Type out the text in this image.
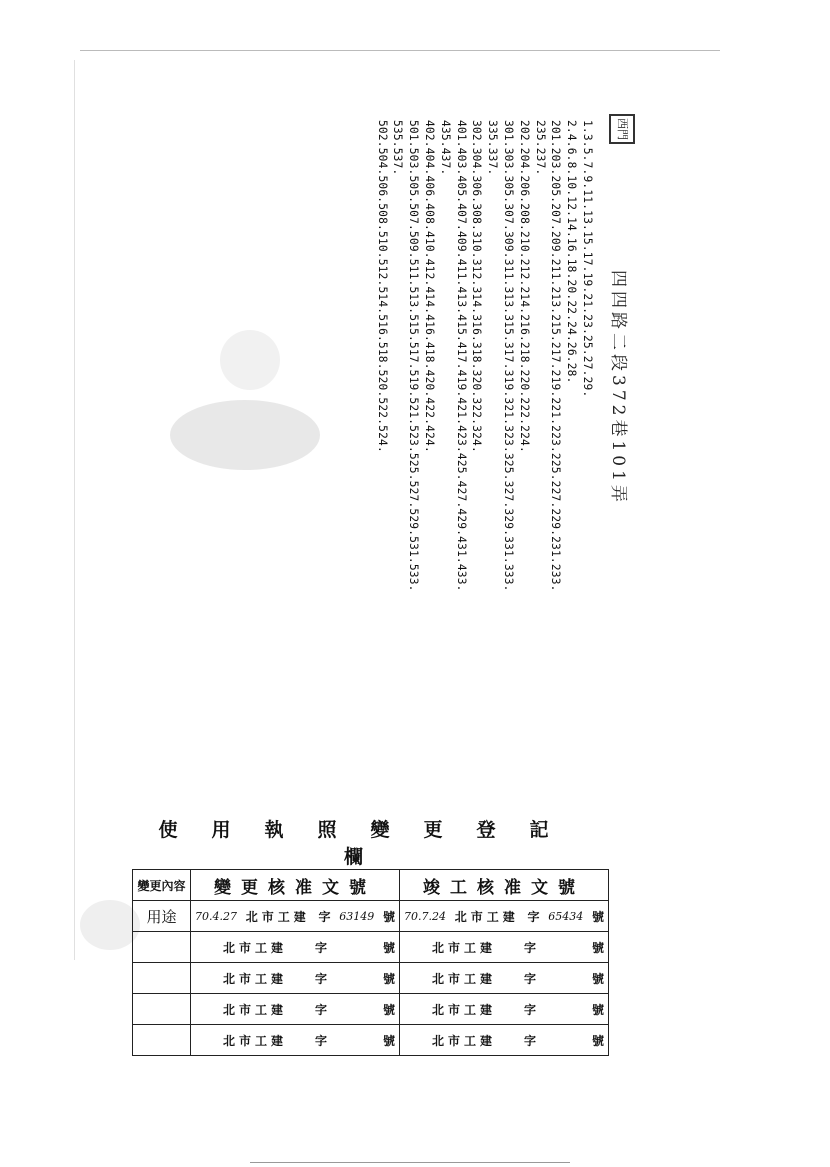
西門
四四路二段372巷101弄
1.3.5.7.9.11.13.15.17.19.21.23.25.27.29.
2.4.6.8.10.12.14.16.18.20.22.24.26.28.
201.203.205.207.209.211.213.215.217.219.221.223.225.227.229.231.233.
235.237.
202.204.206.208.210.212.214.216.218.220.222.224.
301.303.305.307.309.311.313.315.317.319.321.323.325.327.329.331.333.
335.337.
302.304.306.308.310.312.314.316.318.320.322.324.
401.403.405.407.409.411.413.415.417.419.421.423.425.427.429.431.433.
435.437.
402.404.406.408.410.412.414.416.418.420.422.424.
501.503.505.507.509.511.513.515.517.519.521.523.525.527.529.531.533.
535.537.
502.504.506.508.510.512.514.516.518.520.522.524.
使用執照變更登記欄		
變更內容	變更核准文號	竣工核准文號
用途	70.4.27 北市工建 字 63149 號	70.7.24 北市工建 字 65434 號

	北市工建 字 號	北市工建 字 號

	北市工建 字 號	北市工建 字 號

	北市工建 字 號	北市工建 字 號

	北市工建 字 號	北市工建 字 號
